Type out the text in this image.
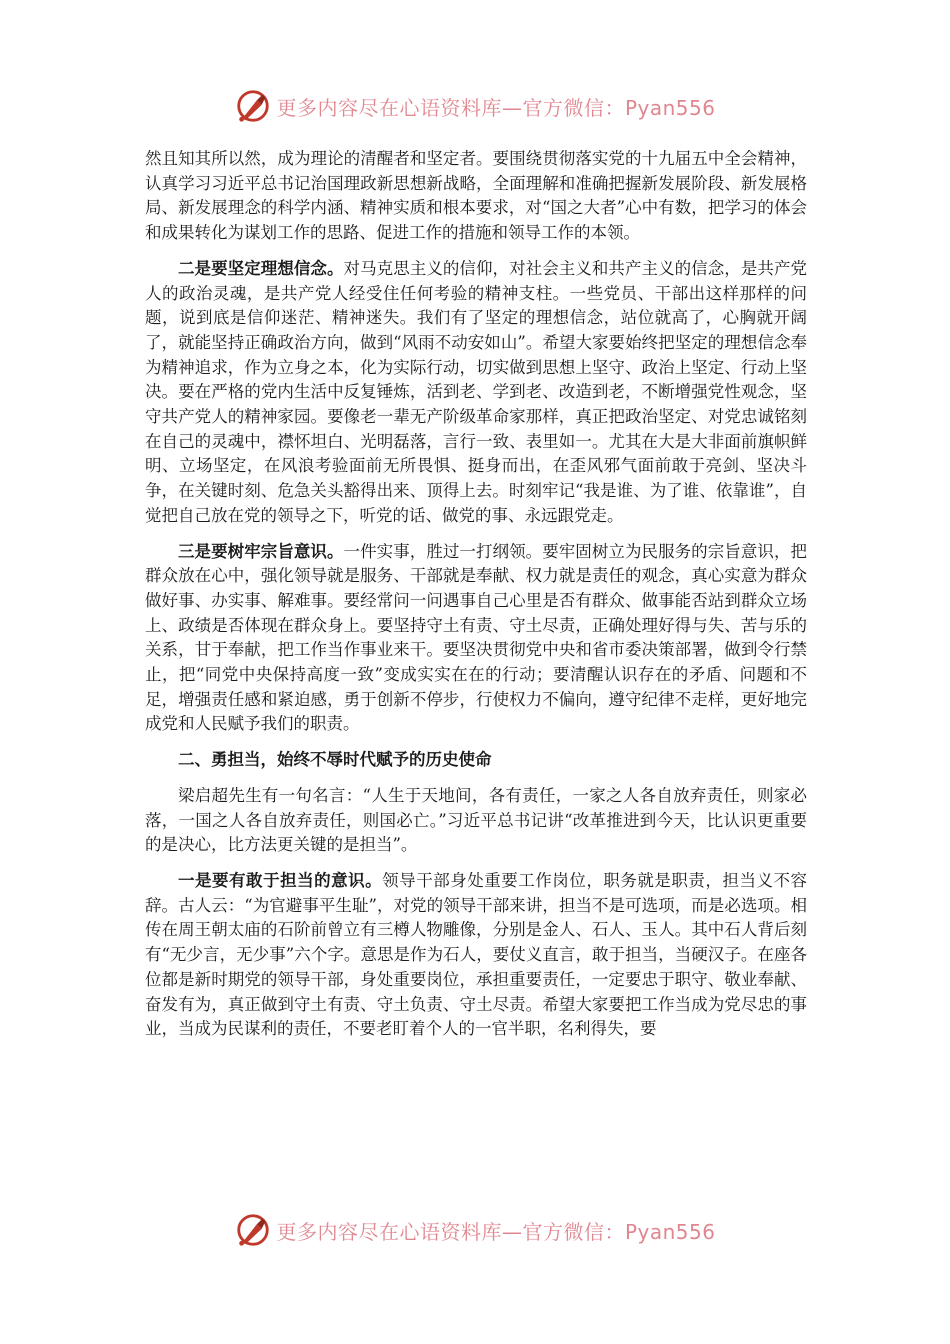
更多内容尽在心语资料库—官方微信：Pyan556

然且知其所以然，成为理论的清醒者和坚定者。要围绕贯彻落实党的十九届五中全会精神，认真学习习近平总书记治国理政新思想新战略，全面理解和准确把握新发展阶段、新发展格局、新发展理念的科学内涵、精神实质和根本要求，对“国之大者”心中有数，把学习的体会和成果转化为谋划工作的思路、促进工作的措施和领导工作的本领。

二是要坚定理想信念。对马克思主义的信仰，对社会主义和共产主义的信念，是共产党人的政治灵魂，是共产党人经受住任何考验的精神支柱。一些党员、干部出这样那样的问题，说到底是信仰迷茫、精神迷失。我们有了坚定的理想信念，站位就高了，心胸就开阔了，就能坚持正确政治方向，做到“风雨不动安如山”。希望大家要始终把坚定的理想信念奉为精神追求，作为立身之本，化为实际行动，切实做到思想上坚守、政治上坚定、行动上坚决。要在严格的党内生活中反复锤炼，活到老、学到老、改造到老，不断增强党性观念，坚守共产党人的精神家园。要像老一辈无产阶级革命家那样，真正把政治坚定、对党忠诚铭刻在自己的灵魂中，襟怀坦白、光明磊落，言行一致、表里如一。尤其在大是大非面前旗帜鲜明、立场坚定，在风浪考验面前无所畏惧、挺身而出，在歪风邪气面前敢于亮剑、坚决斗争，在关键时刻、危急关头豁得出来、顶得上去。时刻牢记“我是谁、为了谁、依靠谁”，自觉把自己放在党的领导之下，听党的话、做党的事、永远跟党走。

三是要树牢宗旨意识。一件实事，胜过一打纲领。要牢固树立为民服务的宗旨意识，把群众放在心中，强化领导就是服务、干部就是奉献、权力就是责任的观念，真心实意为群众做好事、办实事、解难事。要经常问一问遇事自己心里是否有群众、做事能否站到群众立场上、政绩是否体现在群众身上。要坚持守土有责、守土尽责，正确处理好得与失、苦与乐的关系，甘于奉献，把工作当作事业来干。要坚决贯彻党中央和省市委决策部署，做到令行禁止，把“同党中央保持高度一致”变成实实在在的行动；要清醒认识存在的矛盾、问题和不足，增强责任感和紧迫感，勇于创新不停步，行使权力不偏向，遵守纪律不走样，更好地完成党和人民赋予我们的职责。

二、勇担当，始终不辱时代赋予的历史使命

梁启超先生有一句名言：“人生于天地间，各有责任，一家之人各自放弃责任，则家必落，一国之人各自放弃责任，则国必亡。”习近平总书记讲“改革推进到今天，比认识更重要的是决心，比方法更关键的是担当”。

一是要有敢于担当的意识。领导干部身处重要工作岗位，职务就是职责，担当义不容辞。古人云：“为官避事平生耻”，对党的领导干部来讲，担当不是可选项，而是必选项。相传在周王朝太庙的石阶前曾立有三樽人物雕像，分别是金人、石人、玉人。其中石人背后刻有“无少言，无少事”六个字。意思是作为石人，要仗义直言，敢于担当，当硬汉子。在座各位都是新时期党的领导干部，身处重要岗位，承担重要责任，一定要忠于职守、敬业奉献、奋发有为，真正做到守土有责、守土负责、守土尽责。希望大家要把工作当成为党尽忠的事业，当成为民谋利的责任，不要老盯着个人的一官半职，名利得失，要

更多内容尽在心语资料库—官方微信：Pyan556
